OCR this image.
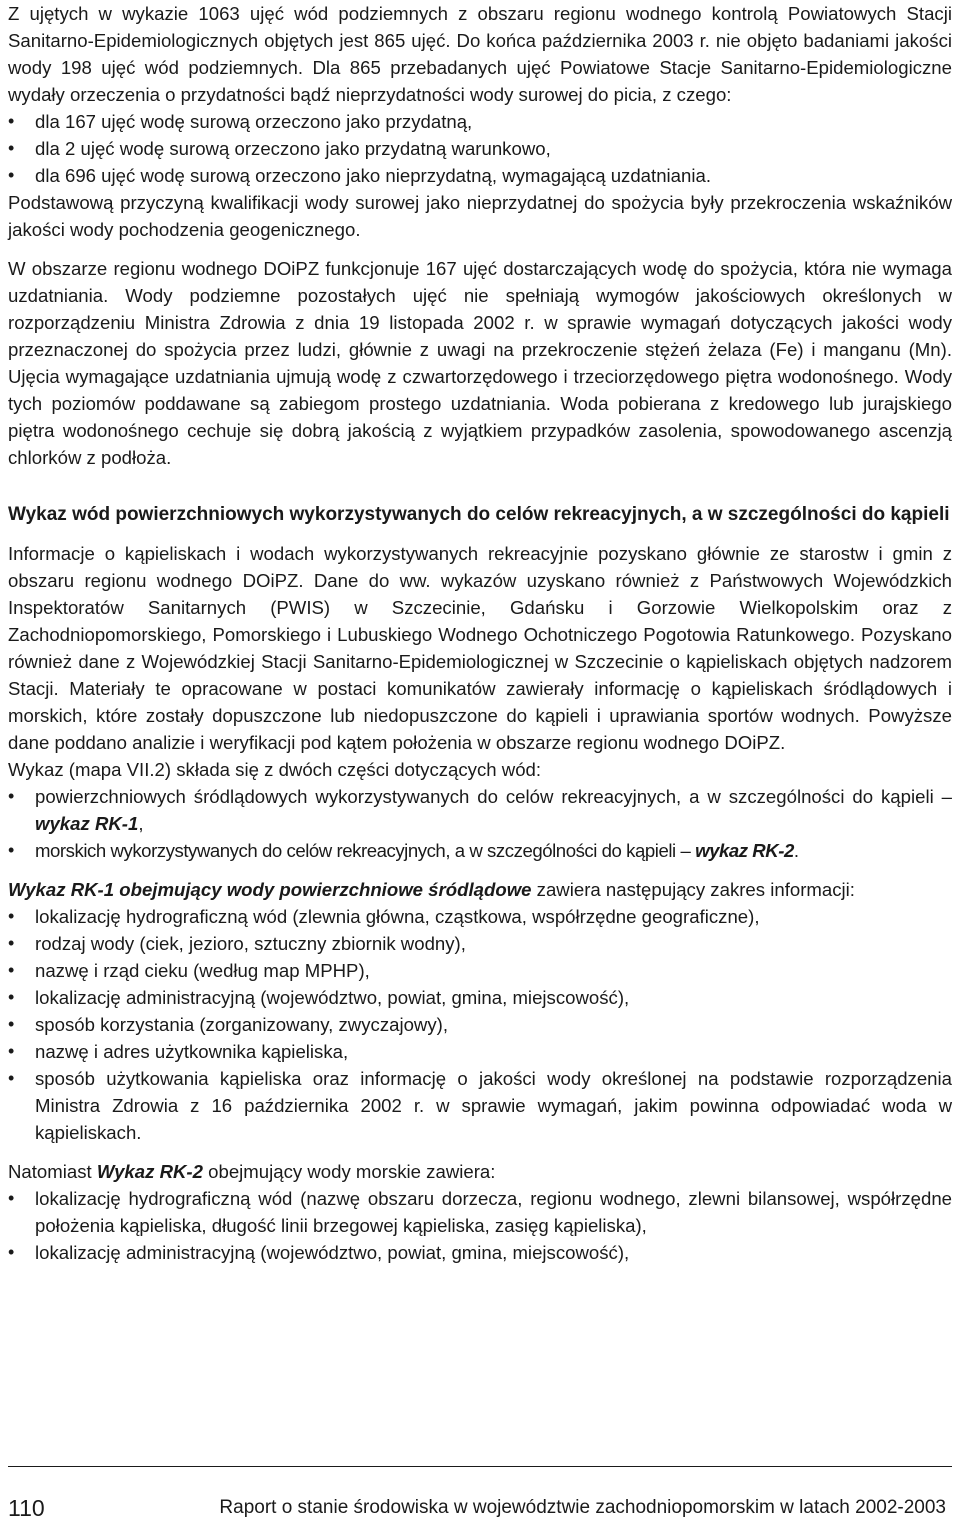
Z ujętych w wykazie 1063 ujęć wód podziemnych z obszaru regionu wodnego kontrolą Powiatowych Stacji Sanitarno-Epidemiologicznych objętych jest 865 ujęć. Do końca października 2003 r. nie objęto badaniami jakości wody 198 ujęć wód podziemnych. Dla 865 przebadanych ujęć Powiatowe Stacje Sanitarno-Epidemiologiczne wydały orzeczenia o przydatności bądź nieprzydatności wody surowej do picia, z czego:

• dla 167 ujęć wodę surową orzeczono jako przydatną,
• dla 2 ujęć wodę surową orzeczono jako przydatną warunkowo,
• dla 696 ujęć wodę surową orzeczono jako nieprzydatną, wymagającą uzdatniania.

Podstawową przyczyną kwalifikacji wody surowej jako nieprzydatnej do spożycia były przekroczenia wskaźników jakości wody pochodzenia geogenicznego.

W obszarze regionu wodnego DOiPZ funkcjonuje 167 ujęć dostarczających wodę do spożycia, która nie wymaga uzdatniania. Wody podziemne pozostałych ujęć nie spełniają wymogów jakościowych określonych w rozporządzeniu Ministra Zdrowia z dnia 19 listopada 2002 r. w sprawie wymagań dotyczących jakości wody przeznaczonej do spożycia przez ludzi, głównie z uwagi na przekroczenie stężeń żelaza (Fe) i manganu (Mn). Ujęcia wymagające uzdatniania ujmują wodę z czwartorzędowego i trzeciorzędowego piętra wodonośnego. Wody tych poziomów poddawane są zabiegom prostego uzdatniania. Woda pobierana z kredowego lub jurajskiego piętra wodonośnego cechuje się dobrą jakością z wyjątkiem przypadków zasolenia, spowodowanego ascenzją chlorków z podłoża.

Wykaz wód powierzchniowych wykorzystywanych do celów rekreacyjnych, a w szczególności do kąpieli

Informacje o kąpieliskach i wodach wykorzystywanych rekreacyjnie pozyskano głównie ze starostw i gmin z obszaru regionu wodnego DOiPZ. Dane do ww. wykazów uzyskano również z Państwowych Wojewódzkich Inspektoratów Sanitarnych (PWIS) w Szczecinie, Gdańsku i Gorzowie Wielkopolskim oraz z Zachodniopomorskiego, Pomorskiego i Lubuskiego Wodnego Ochotniczego Pogotowia Ratunkowego. Pozyskano również dane z Wojewódzkiej Stacji Sanitarno-Epidemiologicznej w Szczecinie o kąpieliskach objętych nadzorem Stacji. Materiały te opracowane w postaci komunikatów zawierały informację o kąpieliskach śródlądowych i morskich, które zostały dopuszczone lub niedopuszczone do kąpieli i uprawiania sportów wodnych. Powyższe dane poddano analizie i weryfikacji pod kątem położenia w obszarze regionu wodnego DOiPZ.

Wykaz (mapa VII.2) składa się z dwóch części dotyczących wód:

• powierzchniowych śródlądowych wykorzystywanych do celów rekreacyjnych, a w szczególności do kąpieli – wykaz RK-1,
• morskich wykorzystywanych do celów rekreacyjnych, a w szczególności do kąpieli – wykaz RK-2.

Wykaz RK-1 obejmujący wody powierzchniowe śródlądowe zawiera następujący zakres informacji:

• lokalizację hydrograficzną wód (zlewnia główna, cząstkowa, współrzędne geograficzne),
• rodzaj wody (ciek, jezioro, sztuczny zbiornik wodny),
• nazwę i rząd cieku (według map MPHP),
• lokalizację administracyjną (województwo, powiat, gmina, miejscowość),
• sposób korzystania (zorganizowany, zwyczajowy),
• nazwę i adres użytkownika kąpieliska,
• sposób użytkowania kąpieliska oraz informację o jakości wody określonej na podstawie rozporządzenia Ministra Zdrowia z 16 października 2002 r. w sprawie wymagań, jakim powinna odpowiadać woda w kąpieliskach.

Natomiast Wykaz RK-2 obejmujący wody morskie zawiera:

• lokalizację hydrograficzną wód (nazwę obszaru dorzecza, regionu wodnego, zlewni bilansowej, współrzędne położenia kąpieliska, długość linii brzegowej kąpieliska, zasięg kąpieliska),
• lokalizację administracyjną (województwo, powiat, gmina, miejscowość),
110	Raport o stanie środowiska w województwie zachodniopomorskim w latach 2002-2003
